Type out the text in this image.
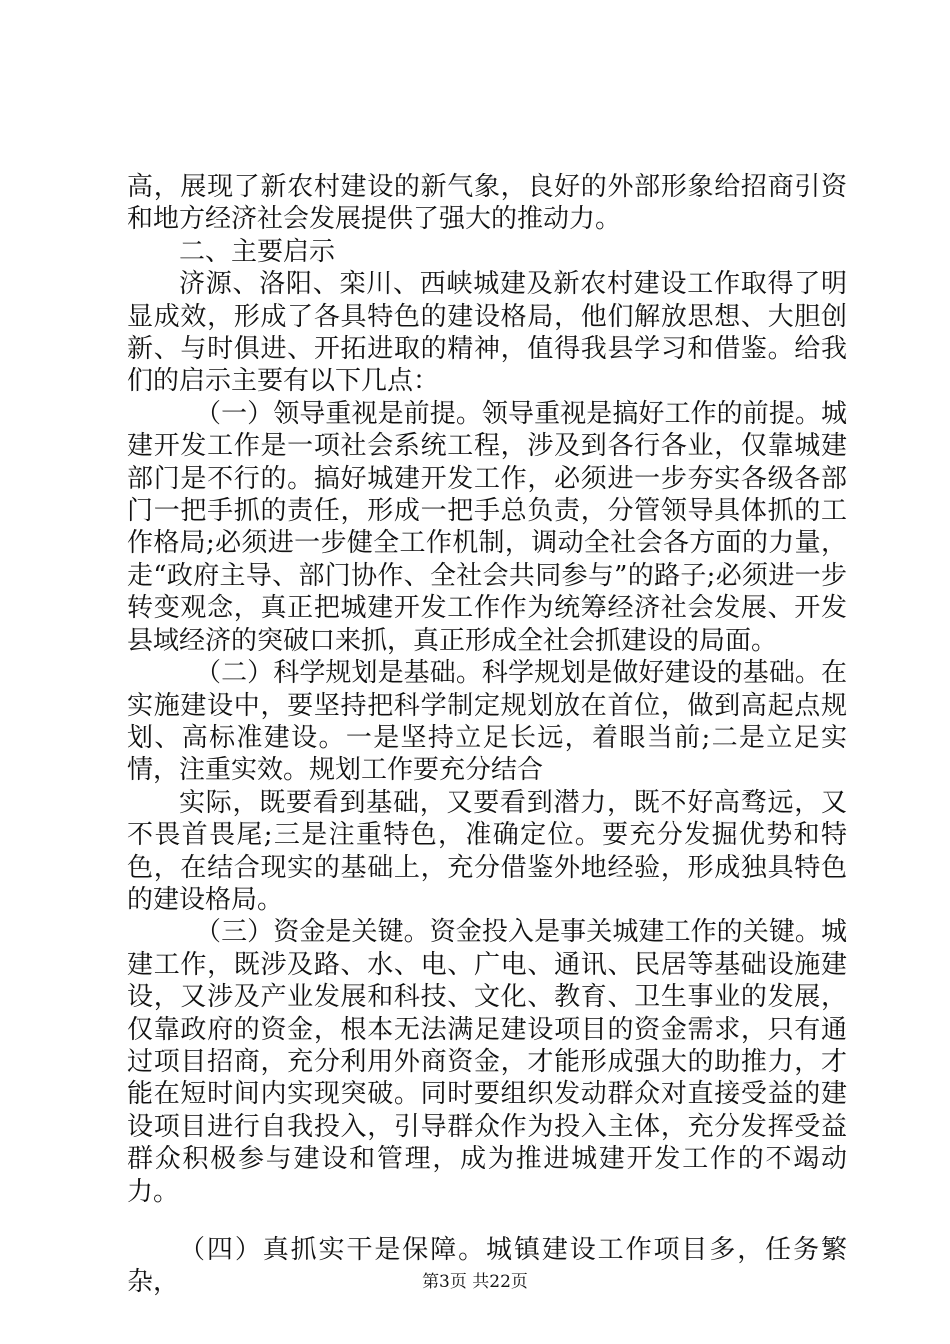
高，展现了新农村建设的新气象，良好的外部形象给招商引资和地方经济社会发展提供了强大的推动力。

二、主要启示

济源、洛阳、栾川、西峡城建及新农村建设工作取得了明显成效，形成了各具特色的建设格局，他们解放思想、大胆创新、与时俱进、开拓进取的精神，值得我县学习和借鉴。给我们的启示主要有以下几点：

（一）领导重视是前提。领导重视是搞好工作的前提。城建开发工作是一项社会系统工程，涉及到各行各业，仅靠城建部门是不行的。搞好城建开发工作，必须进一步夯实各级各部门一把手抓的责任，形成一把手总负责，分管领导具体抓的工作格局;必须进一步健全工作机制，调动全社会各方面的力量，走“政府主导、部门协作、全社会共同参与”的路子;必须进一步转变观念，真正把城建开发工作作为统筹经济社会发展、开发县域经济的突破口来抓，真正形成全社会抓建设的局面。

（二）科学规划是基础。科学规划是做好建设的基础。在实施建设中，要坚持把科学制定规划放在首位，做到高起点规划、高标准建设。一是坚持立足长远，着眼当前;二是立足实情，注重实效。规划工作要充分结合

实际，既要看到基础，又要看到潜力，既不好高骛远，又不畏首畏尾;三是注重特色，准确定位。要充分发掘优势和特色，在结合现实的基础上，充分借鉴外地经验，形成独具特色的建设格局。

（三）资金是关键。资金投入是事关城建工作的关键。城建工作，既涉及路、水、电、广电、通讯、民居等基础设施建设，又涉及产业发展和科技、文化、教育、卫生事业的发展，仅靠政府的资金，根本无法满足建设项目的资金需求，只有通过项目招商，充分利用外商资金，才能形成强大的助推力，才能在短时间内实现突破。同时要组织发动群众对直接受益的建设项目进行自我投入，引导群众作为投入主体，充分发挥受益群众积极参与建设和管理，成为推进城建开发工作的不竭动力。

（四）真抓实干是保障。城镇建设工作项目多，任务繁杂，	第3页 共22页
